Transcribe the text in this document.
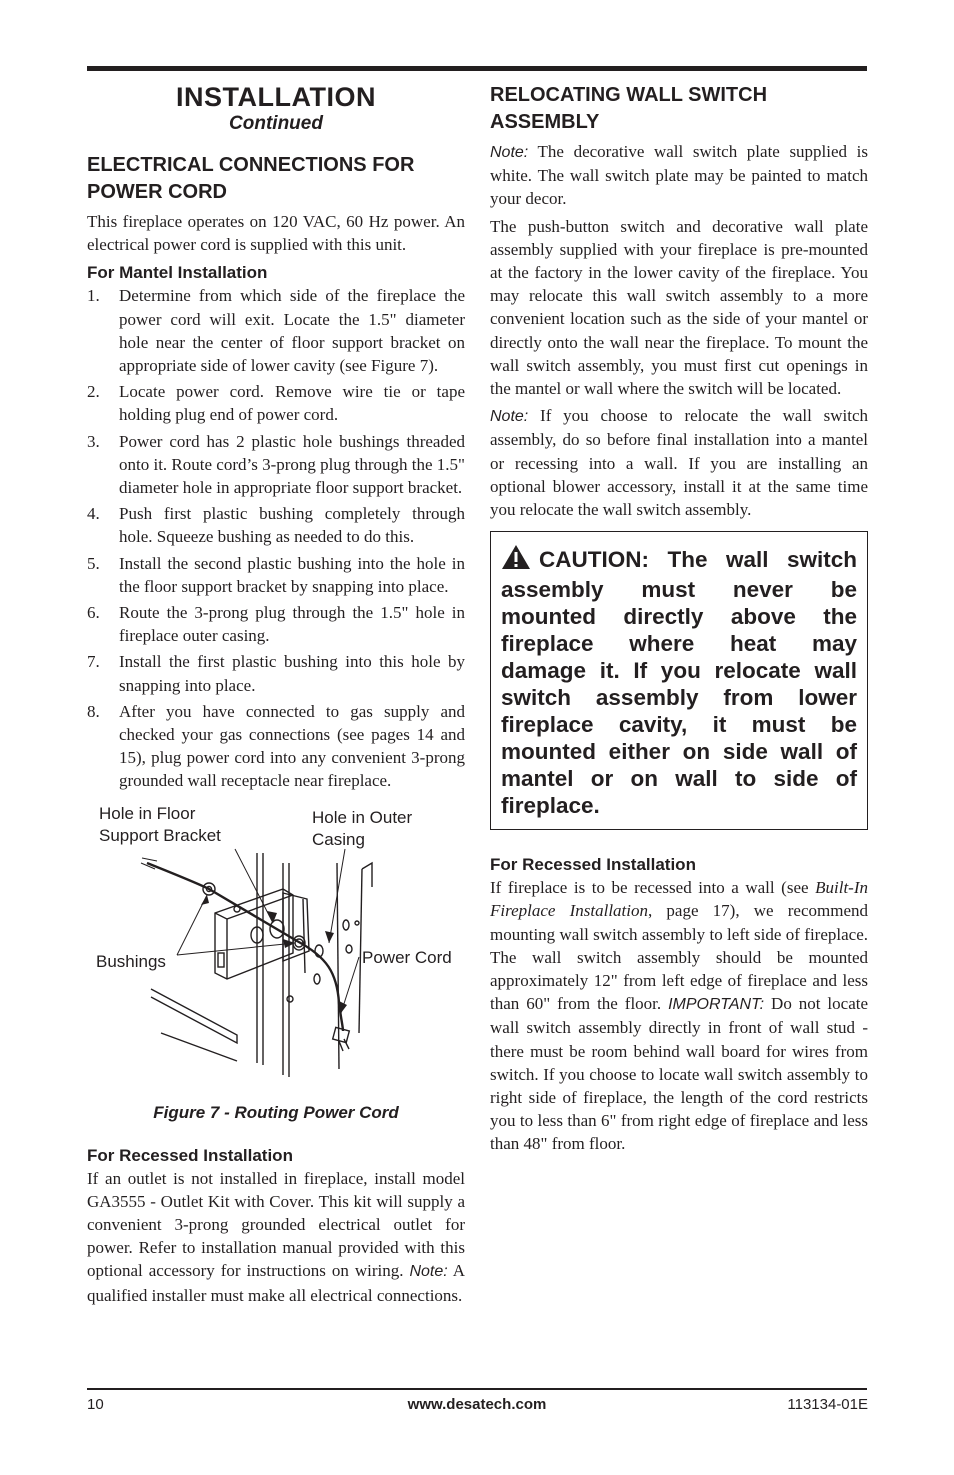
INSTALLATION
Continued
ELECTRICAL CONNECTIONS FOR POWER CORD

This fireplace operates on 120 VAC, 60 Hz power. An electrical power cord is supplied with this unit.

For Mantel Installation
1.	Determine from which side of the fireplace the power cord will exit. Locate the 1.5" diameter hole near the center of floor support bracket on appropriate side of lower cavity (see Figure 7).
2.	Locate power cord. Remove wire tie or tape holding plug end of power cord.
3.	Power cord has 2 plastic hole bushings threaded onto it. Route cord’s 3-prong plug through the 1.5" diameter hole in appropriate floor support bracket.
4.	Push first plastic bushing completely through hole. Squeeze bushing as needed to do this.
5.	Install the second plastic bushing into the hole in the floor support bracket by snapping into place.
6.	Route the 3-prong plug through the 1.5" hole in fireplace outer casing.
7.	Install the first plastic bushing into this hole by snapping into place.
8.	After you have connected to gas supply and checked your gas connections (see pages 14 and 15), plug power cord into any convenient 3-prong grounded wall receptacle near fireplace.
Hole in Floor Support Bracket
Hole in Outer Casing
Bushings	Power Cord
Figure 7 - Routing Power Cord
For Recessed Installation

If an outlet is not installed in fireplace, install model GA3555 - Outlet Kit with Cover. This kit will supply a convenient 3-prong grounded electrical outlet for power. Refer to installation manual provided with this optional accessory for instructions on wiring. Note: A qualified installer must make all electrical connections.

RELOCATING WALL SWITCH ASSEMBLY

Note: The decorative wall switch plate supplied is white. The wall switch plate may be painted to match your decor.

The push-button switch and decorative wall plate assembly supplied with your fireplace is pre-mounted at the factory in the lower cavity of the fireplace. You may relocate this wall switch assembly to a more convenient location such as the side of your mantel or directly onto the wall near the fireplace. To mount the wall switch assembly, you must first cut openings in the mantel or wall where the switch will be located.

Note: If you choose to relocate the wall switch assembly, do so before final installation into a mantel or recessing into a wall. If you are installing an optional blower accessory, install it at the same time you relocate the wall switch assembly.

CAUTION: The wall switch assembly must never be mounted directly above the fireplace where heat may damage it. If you relocate wall switch assembly from lower fireplace cavity, it must be mounted either on side wall of mantel or on wall to side of fireplace.
For Recessed Installation

If fireplace is to be recessed into a wall (see Built-In Fireplace Installation, page 17), we recommend mounting wall switch assembly to left side of fireplace. The wall switch assembly should be mounted approximately 12" from left edge of fireplace and less than 60" from the floor. IMPORTANT: Do not locate wall switch assembly directly in front of wall stud - there must be room behind wall board for wires from switch. If you choose to locate wall switch assembly to right side of fireplace, the length of the cord restricts you to less than 6" from right edge of fireplace and less than 48" from floor.

10	www.desatech.com	113134-01E
